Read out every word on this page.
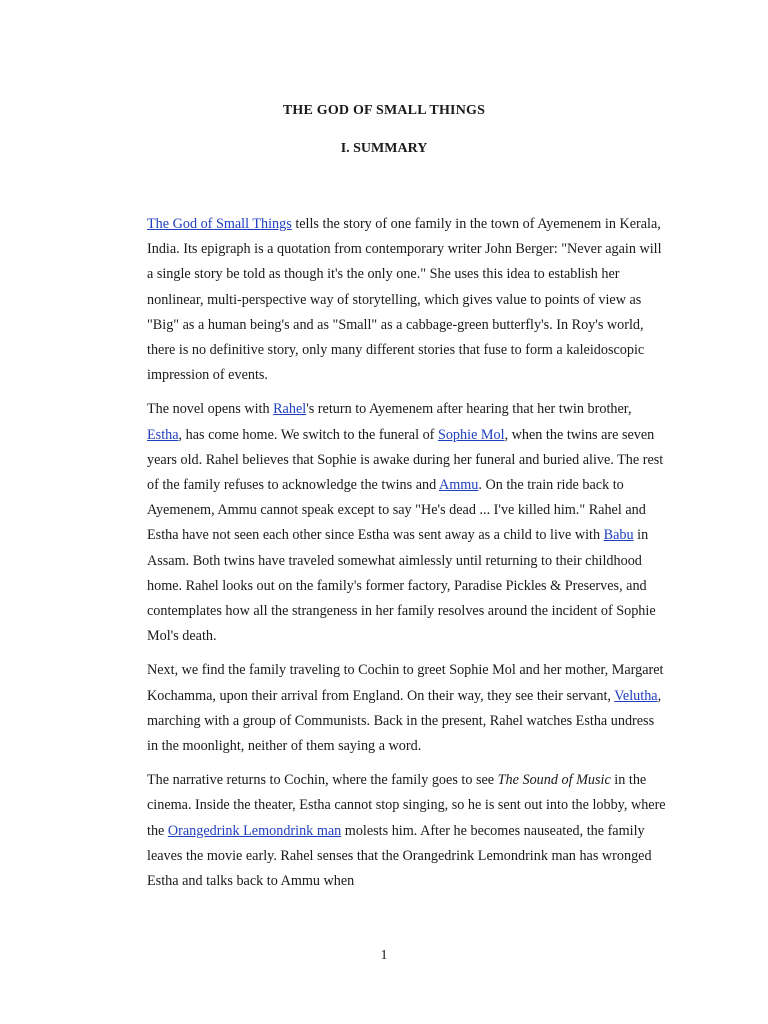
THE GOD OF SMALL THINGS
I. SUMMARY

The God of Small Things tells the story of one family in the town of Ayemenem in Kerala, India. Its epigraph is a quotation from contemporary writer John Berger: "Never again will a single story be told as though it's the only one." She uses this idea to establish her nonlinear, multi-perspective way of storytelling, which gives value to points of view as "Big" as a human being's and as "Small" as a cabbage-green butterfly's. In Roy's world, there is no definitive story, only many different stories that fuse to form a kaleidoscopic impression of events.

The novel opens with Rahel's return to Ayemenem after hearing that her twin brother, Estha, has come home. We switch to the funeral of Sophie Mol, when the twins are seven years old. Rahel believes that Sophie is awake during her funeral and buried alive. The rest of the family refuses to acknowledge the twins and Ammu. On the train ride back to Ayemenem, Ammu cannot speak except to say "He's dead ... I've killed him." Rahel and Estha have not seen each other since Estha was sent away as a child to live with Babu in Assam. Both twins have traveled somewhat aimlessly until returning to their childhood home. Rahel looks out on the family's former factory, Paradise Pickles & Preserves, and contemplates how all the strangeness in her family resolves around the incident of Sophie Mol's death.

Next, we find the family traveling to Cochin to greet Sophie Mol and her mother, Margaret Kochamma, upon their arrival from England. On their way, they see their servant, Velutha, marching with a group of Communists. Back in the present, Rahel watches Estha undress in the moonlight, neither of them saying a word.

The narrative returns to Cochin, where the family goes to see The Sound of Music in the cinema. Inside the theater, Estha cannot stop singing, so he is sent out into the lobby, where the Orangedrink Lemondrink man molests him. After he becomes nauseated, the family leaves the movie early. Rahel senses that the Orangedrink Lemondrink man has wronged Estha and talks back to Ammu when

1
